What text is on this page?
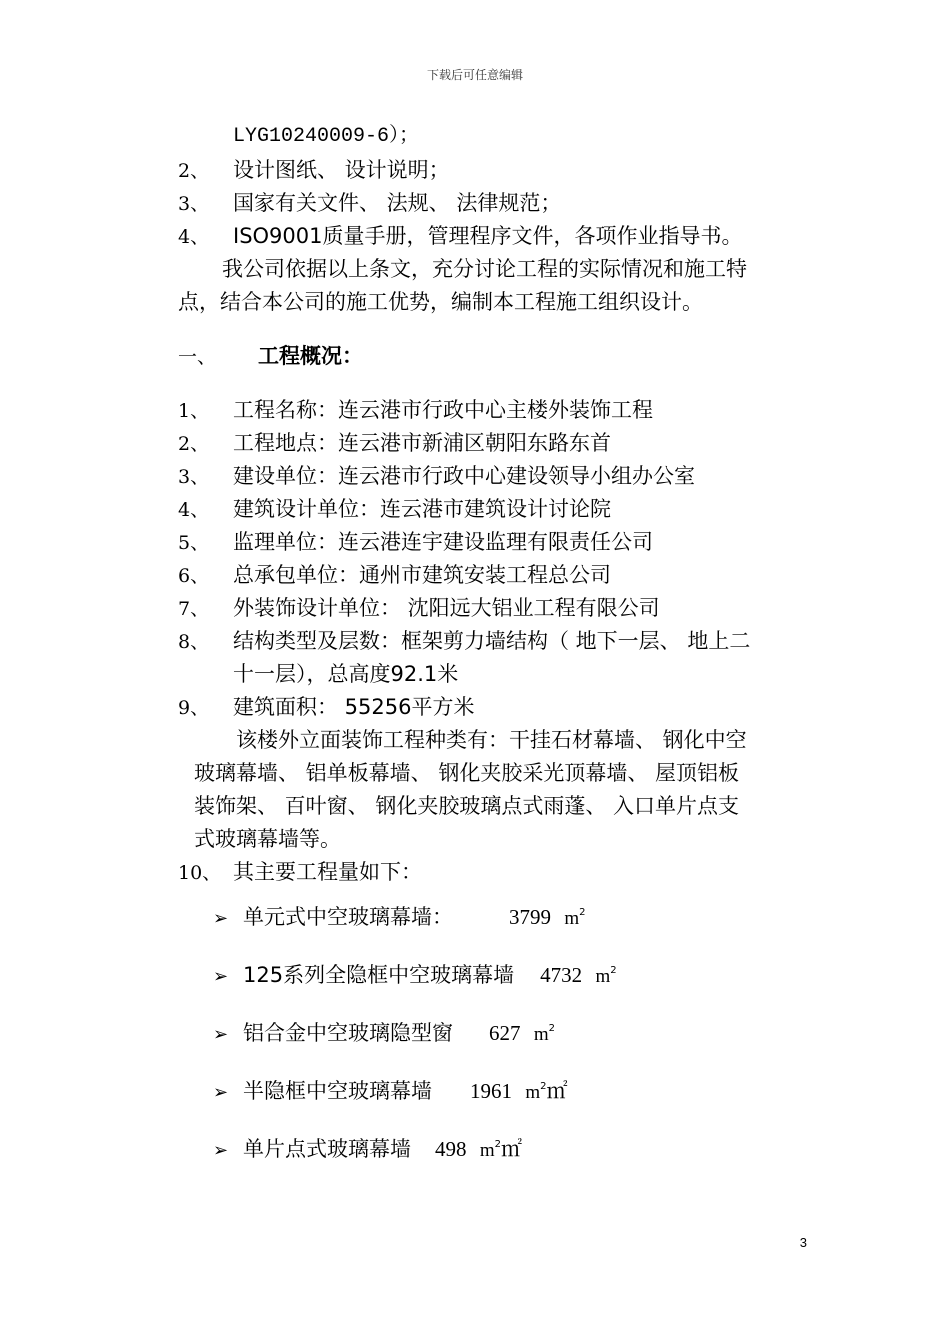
下载后可任意编辑
LYG10240009-6）；
2、 设计图纸、 设计说明；
3、 国家有关文件、 法规、 法律规范；
4、 ISO9001质量手册，管理程序文件，各项作业指导书。
我公司依据以上条文，充分讨论工程的实际情况和施工特
点，结合本公司的施工优势，编制本工程施工组织设计。
一、 工程概况：
1、 工程名称：连云港市行政中心主楼外装饰工程
2、 工程地点：连云港市新浦区朝阳东路东首
3、 建设单位：连云港市行政中心建设领导小组办公室
4、 建筑设计单位：连云港市建筑设计讨论院
5、 监理单位：连云港连宇建设监理有限责任公司
6、 总承包单位：通州市建筑安装工程总公司
7、 外装饰设计单位： 沈阳远大铝业工程有限公司
8、 结构类型及层数：框架剪力墙结构（ 地下一层、 地上二
十一层），总高度92.1米
9、 建筑面积： 55256平方米
该楼外立面装饰工程种类有：干挂石材幕墙、 钢化中空
玻璃幕墙、 铝单板幕墙、 钢化夹胶采光顶幕墙、 屋顶铝板
装饰架、 百叶窗、 钢化夹胶玻璃点式雨蓬、 入口单片点支
式玻璃幕墙等。
10、 其主要工程量如下：
➢ 单元式中空玻璃幕墙：	3799 $m^2$
➢ 125系列全隐框中空玻璃幕墙 4732 $m^2$
➢ 铝合金中空玻璃隐型窗 627 $m^2$
➢ 半隐框中空玻璃幕墙 1961 $m^2㎡$
➢ 单片点式玻璃幕墙 498 $m^2㎡$
3
